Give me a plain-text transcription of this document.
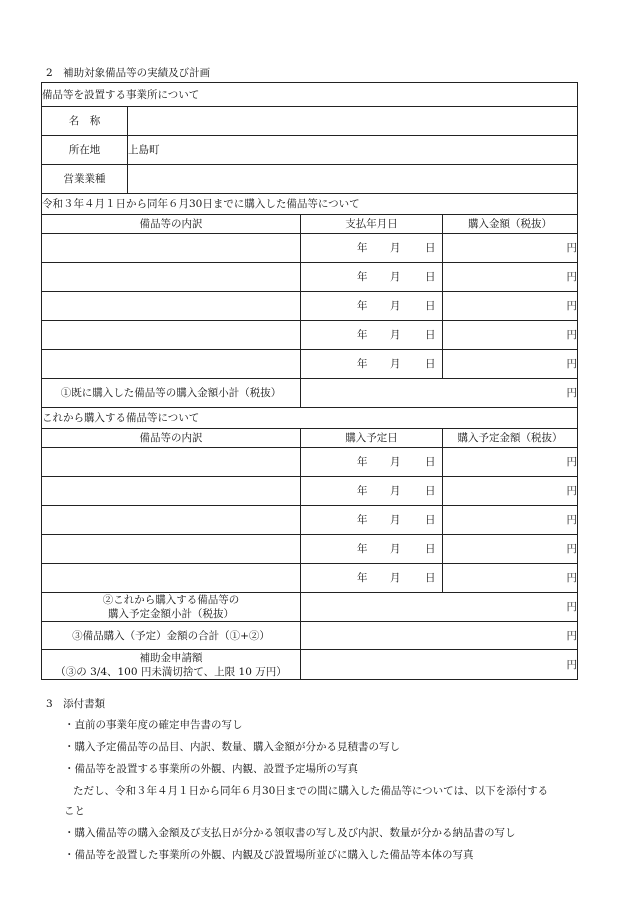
2　補助対象備品等の実績及び計画
備品等を設置する事業所について			
名　称			
所在地	上島町		
営業業種			
令和３年４月１日から同年６月30日までに購入した備品等について			
備品等の内訳		支払年月日	購入金額（税抜）

		年 月 日	円

		年 月 日	円

		年 月 日	円

		年 月 日	円

		年 月 日	円
①既に購入した備品等の購入金額小計（税抜）		円	
これから購入する備品等について			
備品等の内訳		購入予定日	購入予定金額（税抜）

		年 月 日	円

		年 月 日	円

		年 月 日	円

		年 月 日	円

		年 月 日	円

②これから購入する備品等の
購入予定金額小計（税抜）		円	
③備品購入（予定）金額の合計（①+②）		円	

補助金申請額
（③の 3/4、100 円未満切捨て、上限 10 万円）		円	
3　添付書類
・直前の事業年度の確定申告書の写し
・購入予定備品等の品目、内訳、数量、購入金額が分かる見積書の写し
・備品等を設置する事業所の外観、内観、設置予定場所の写真
ただし、令和３年４月１日から同年６月30日までの間に購入した備品等については、以下を添付する
こと
・購入備品等の購入金額及び支払日が分かる領収書の写し及び内訳、数量が分かる納品書の写し
・備品等を設置した事業所の外観、内観及び設置場所並びに購入した備品等本体の写真
